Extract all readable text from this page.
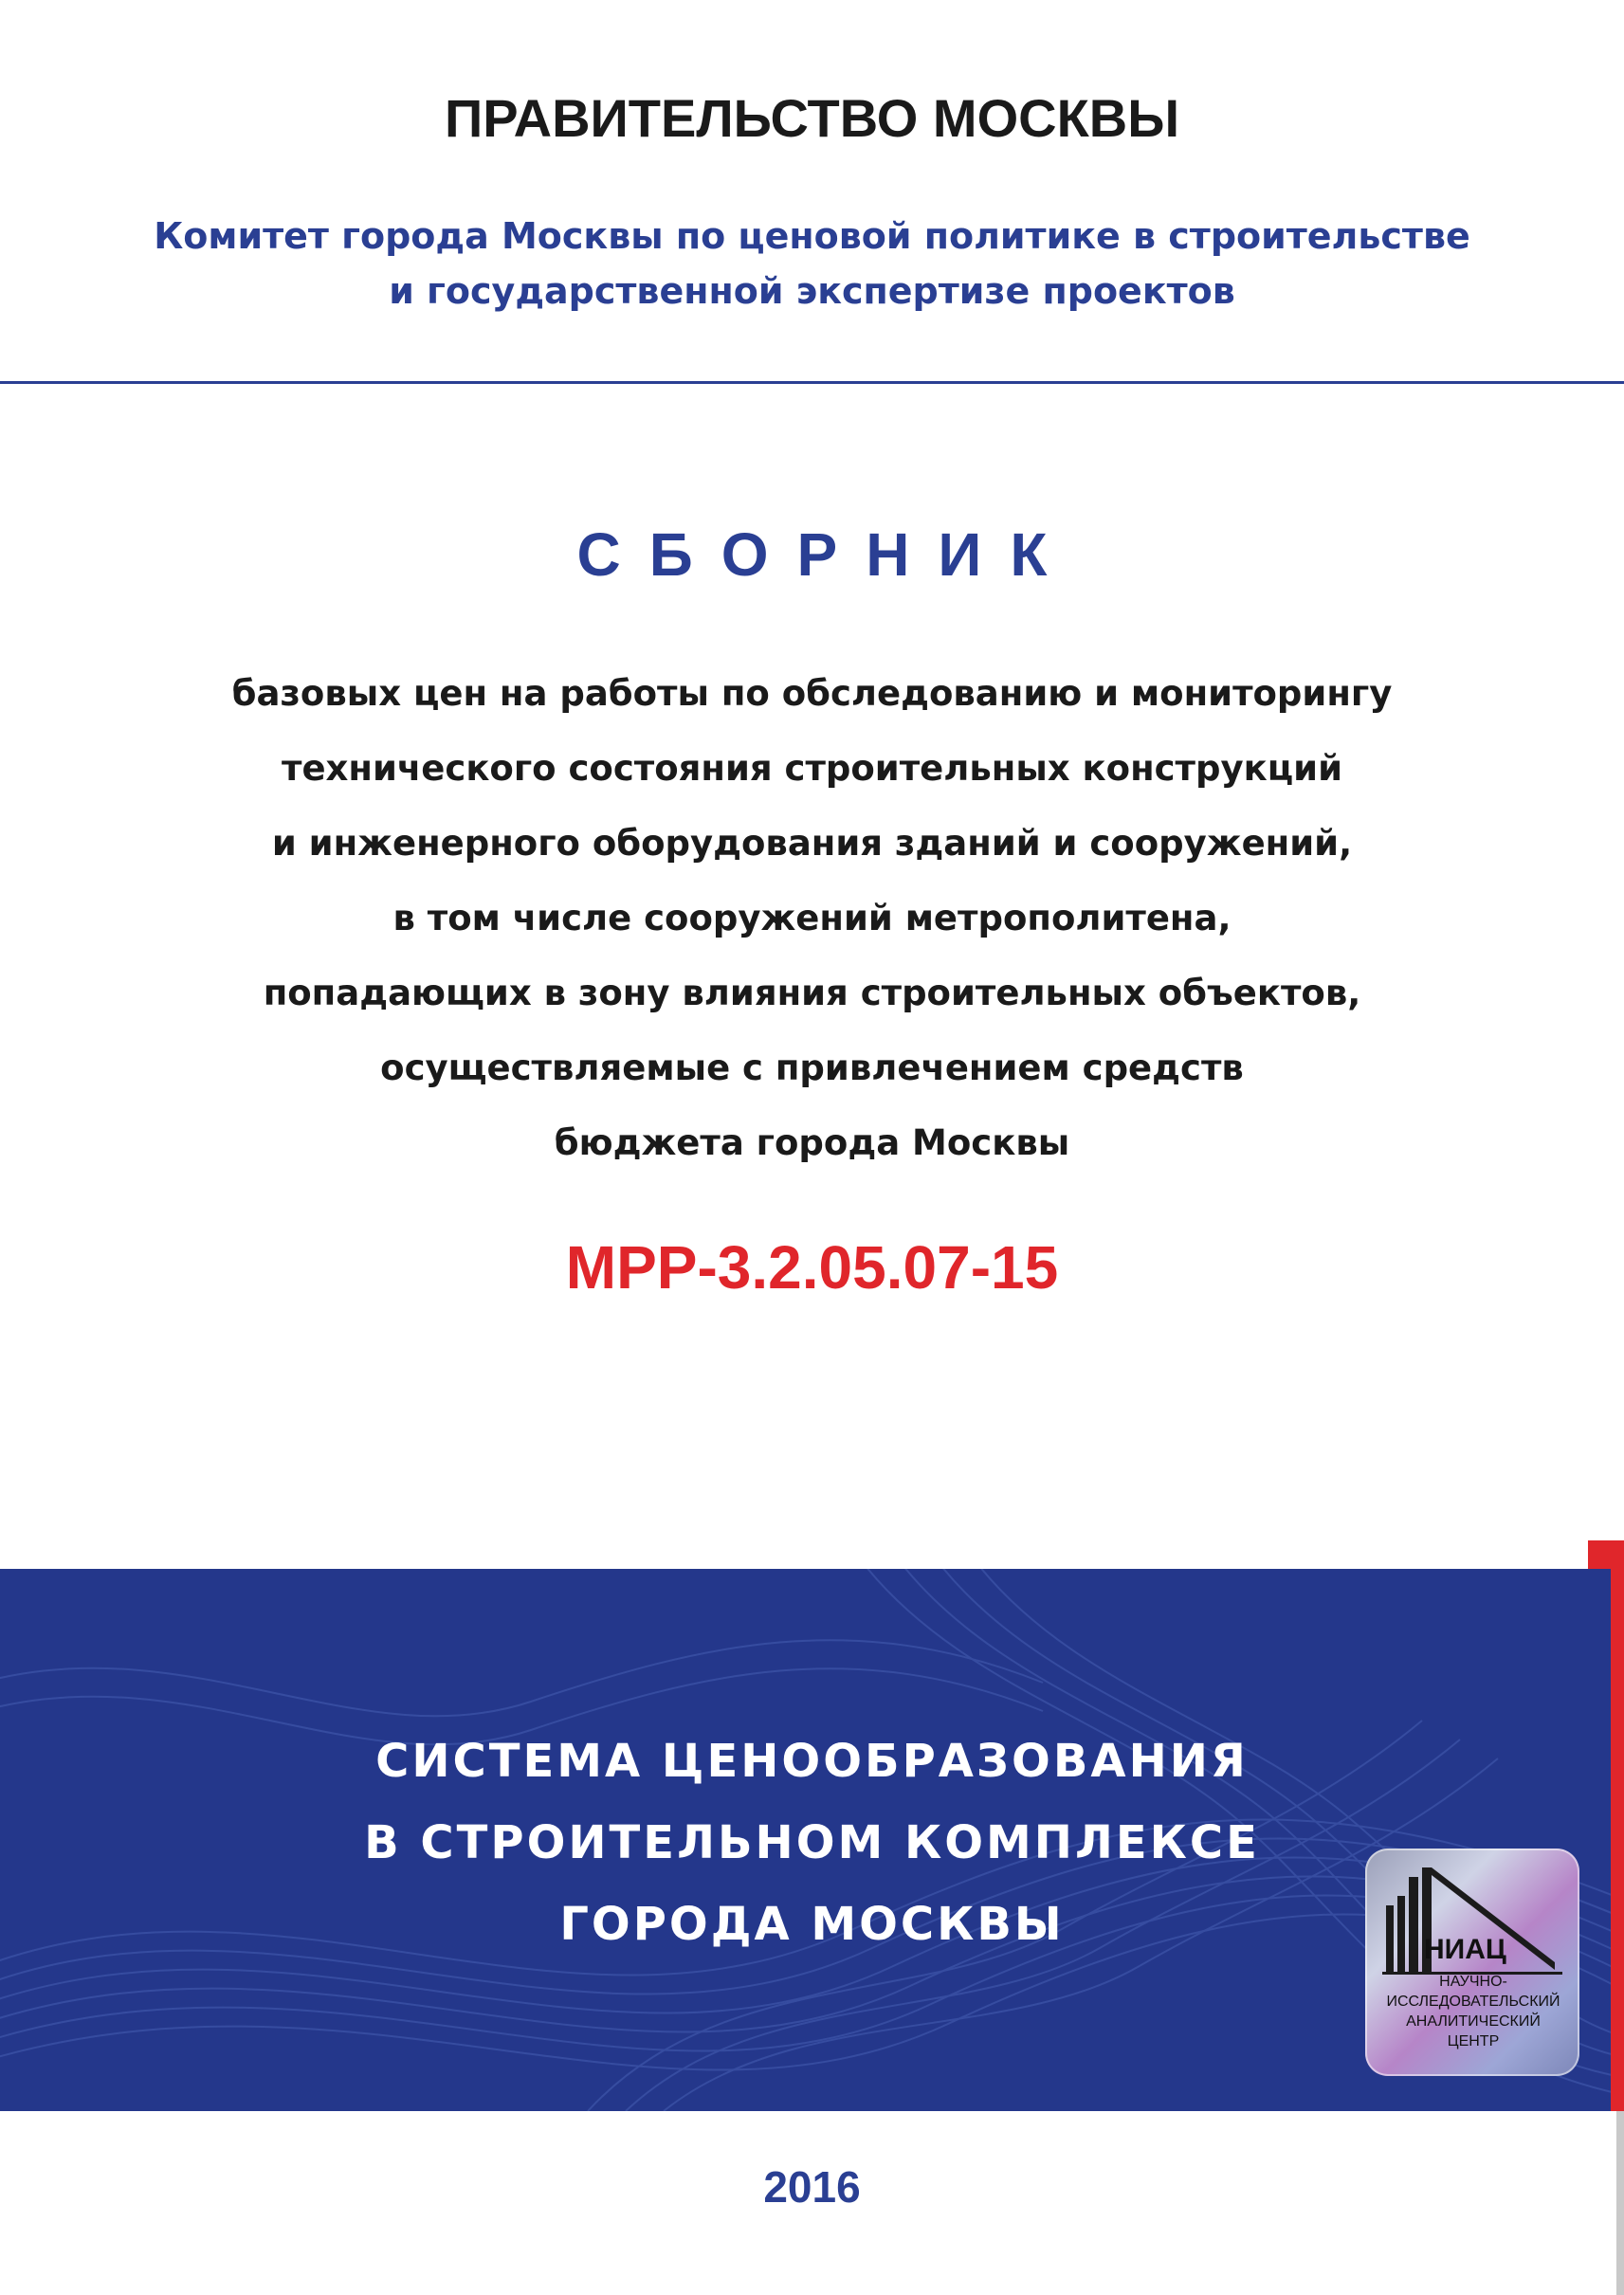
ПРАВИТЕЛЬСТВО МОСКВЫ
Комитет города Москвы по ценовой политике в строительстве
и государственной экспертизе проектов
СБОРНИК
базовых цен на работы по обследованию и мониторингу
технического состояния строительных конструкций
и инженерного оборудования зданий и сооружений,
в том числе сооружений метрополитена,
попадающих в зону влияния строительных объектов,
осуществляемые с привлечением средств
бюджета города Москвы
МРР-3.2.05.07-15
СИСТЕМА ЦЕНООБРАЗОВАНИЯ
В СТРОИТЕЛЬНОМ КОМПЛЕКСЕ
ГОРОДА МОСКВЫ	НИАЦ
НАУЧНО-
ИССЛЕДОВАТЕЛЬСКИЙ
АНАЛИТИЧЕСКИЙ
ЦЕНТР
2016
